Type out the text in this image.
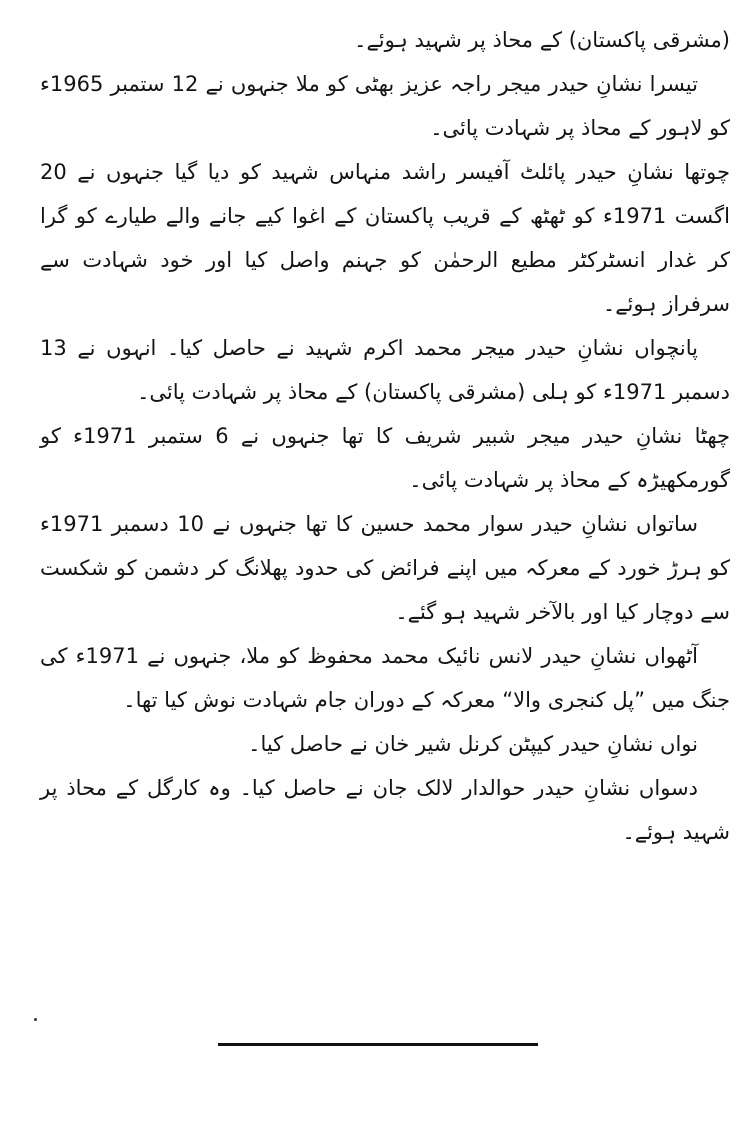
(مشرقی پاکستان) کے محاذ پر شہید ہوئے۔

تیسرا نشانِ حیدر میجر راجہ عزیز بھٹی کو ملا جنہوں نے 12 ستمبر 1965ء کو لاہور کے محاذ پر شہادت پائی۔

چوتھا نشانِ حیدر پائلٹ آفیسر راشد منہاس شہید کو دیا گیا جنہوں نے 20 اگست 1971ء کو ٹھٹھ کے قریب پاکستان کے اغوا کیے جانے والے طیارے کو گرا کر غدار انسٹرکٹر مطیع الرحمٰن کو جہنم واصل کیا اور خود شہادت سے سرفراز ہوئے۔

پانچواں نشانِ حیدر میجر محمد اکرم شہید نے حاصل کیا۔ انہوں نے 13 دسمبر 1971ء کو ہلی (مشرقی پاکستان) کے محاذ پر شہادت پائی۔

چھٹا نشانِ حیدر میجر شبیر شریف کا تھا جنہوں نے 6 ستمبر 1971ء کو گورمکھیڑہ کے محاذ پر شہادت پائی۔

ساتواں نشانِ حیدر سوار محمد حسین کا تھا جنہوں نے 10 دسمبر 1971ء کو ہرڑ خورد کے معرکہ میں اپنے فرائض کی حدود پھلانگ کر دشمن کو شکست سے دوچار کیا اور بالآخر شہید ہو گئے۔

آٹھواں نشانِ حیدر لانس نائیک محمد محفوظ کو ملا، جنہوں نے 1971ء کی جنگ میں ”پل کنجری والا“ معرکہ کے دوران جام شہادت نوش کیا تھا۔

نواں نشانِ حیدر کیپٹن کرنل شیر خان نے حاصل کیا۔

دسواں نشانِ حیدر حوالدار لالک جان نے حاصل کیا۔ وہ کارگل کے محاذ پر شہید ہوئے۔
